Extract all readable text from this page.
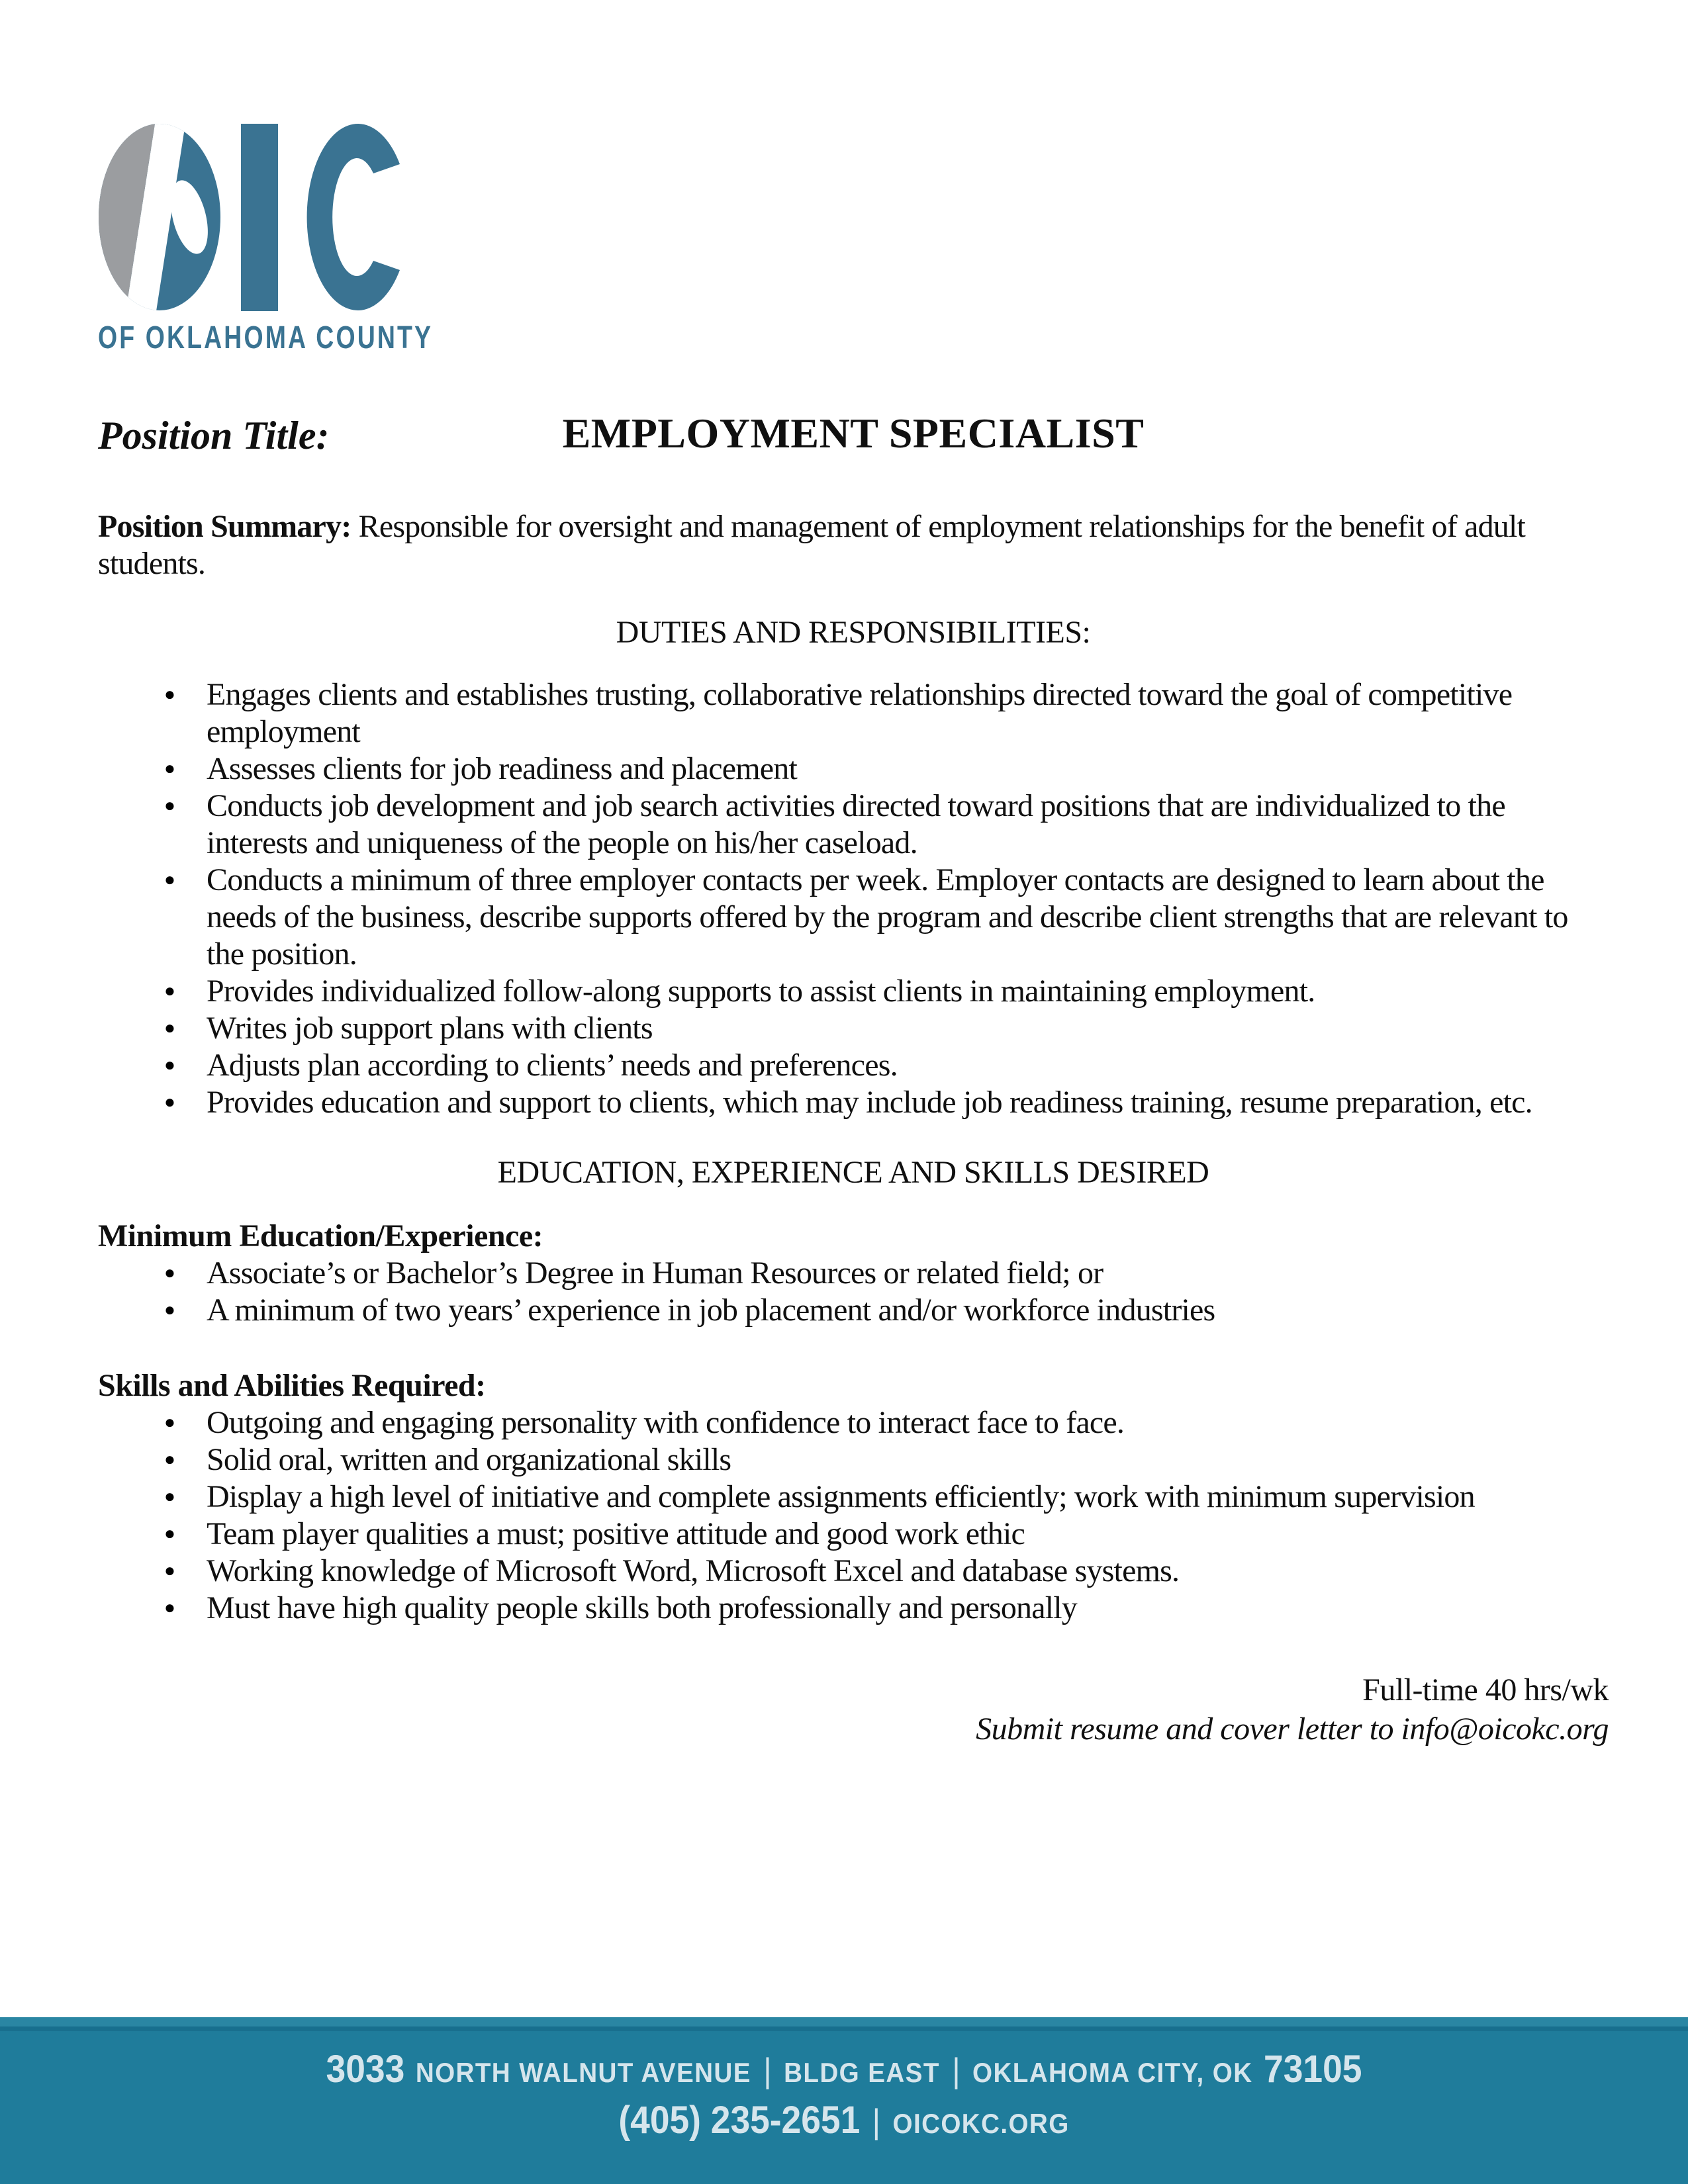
OF OKLAHOMA COUNTY
Position Title:	EMPLOYMENT SPECIALIST

Position Summary: Responsible for oversight and management of employment relationships for the benefit of adult students.

DUTIES AND RESPONSIBILITIES:
● Engages clients and establishes trusting, collaborative relationships directed toward the goal of competitive employment
● Assesses clients for job readiness and placement
● Conducts job development and job search activities directed toward positions that are individualized to the interests and uniqueness of the people on his/her caseload.
● Conducts a minimum of three employer contacts per week. Employer contacts are designed to learn about the needs of the business, describe supports offered by the program and describe client strengths that are relevant to the position.
● Provides individualized follow-along supports to assist clients in maintaining employment.
● Writes job support plans with clients
● Adjusts plan according to clients’ needs and preferences.
● Provides education and support to clients, which may include job readiness training, resume preparation, etc.
EDUCATION, EXPERIENCE AND SKILLS DESIRED
Minimum Education/Experience:
● Associate’s or Bachelor’s Degree in Human Resources or related field; or
● A minimum of two years’ experience in job placement and/or workforce industries
Skills and Abilities Required:
● Outgoing and engaging personality with confidence to interact face to face.
● Solid oral, written and organizational skills
● Display a high level of initiative and complete assignments efficiently; work with minimum supervision
● Team player qualities a must; positive attitude and good work ethic
● Working knowledge of Microsoft Word, Microsoft Excel and database systems.
● Must have high quality people skills both professionally and personally
Full-time 40 hrs/wk
Submit resume and cover letter to info@oicokc.org
3033 NORTH WALNUT AVENUE | BLDG EAST | OKLAHOMA CITY, OK 73105
(405) 235-2651 | OICOKC.ORG
